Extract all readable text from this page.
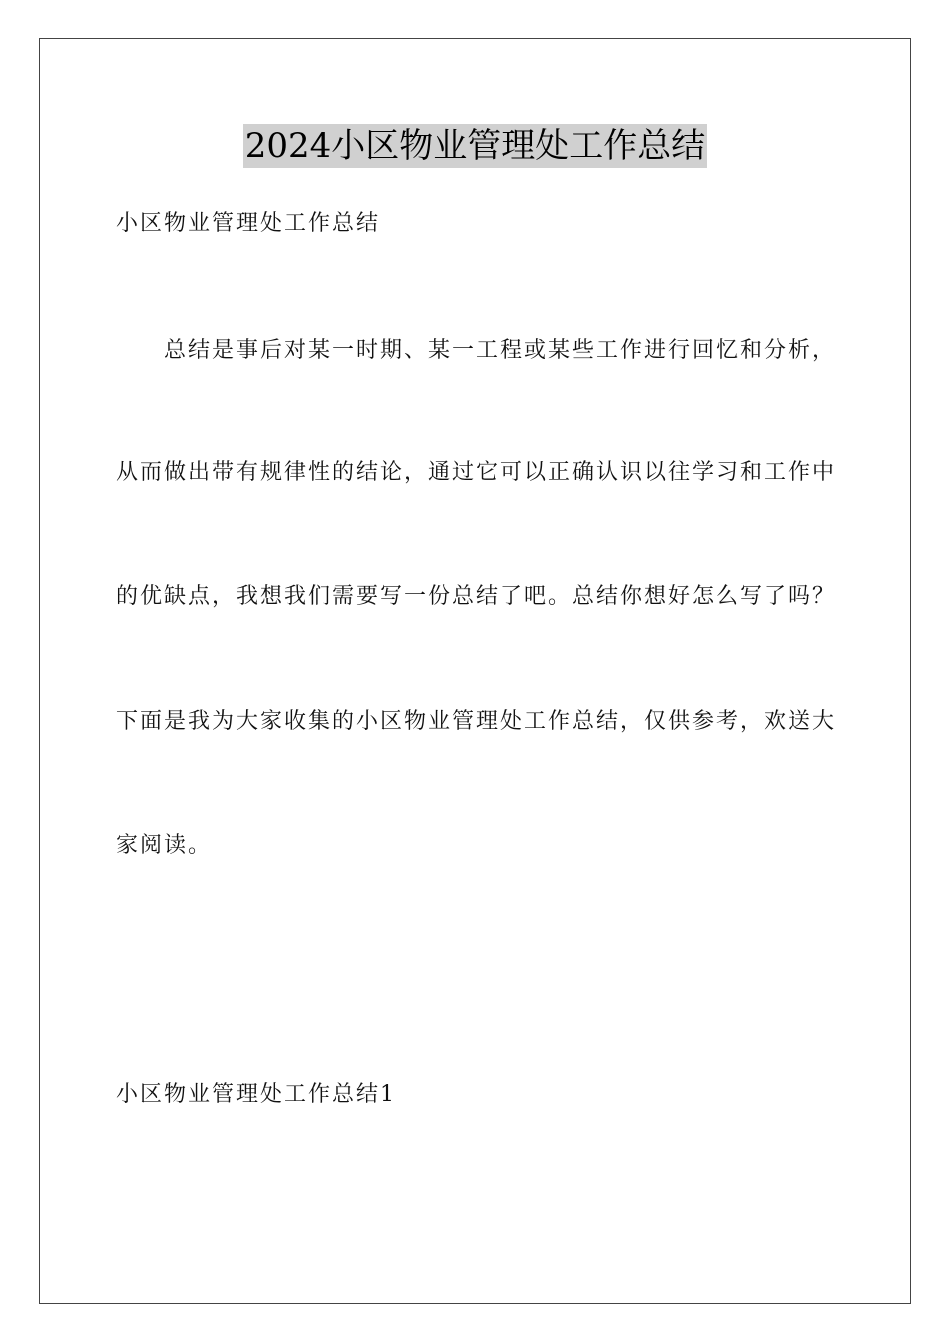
2024小区物业管理处工作总结
小区物业管理处工作总结
总结是事后对某一时期、某一工程或某些工作进行回忆和分析，
从而做出带有规律性的结论，通过它可以正确认识以往学习和工作中
的优缺点，我想我们需要写一份总结了吧。总结你想好怎么写了吗？
下面是我为大家收集的小区物业管理处工作总结，仅供参考，欢送大
家阅读。
小区物业管理处工作总结1
